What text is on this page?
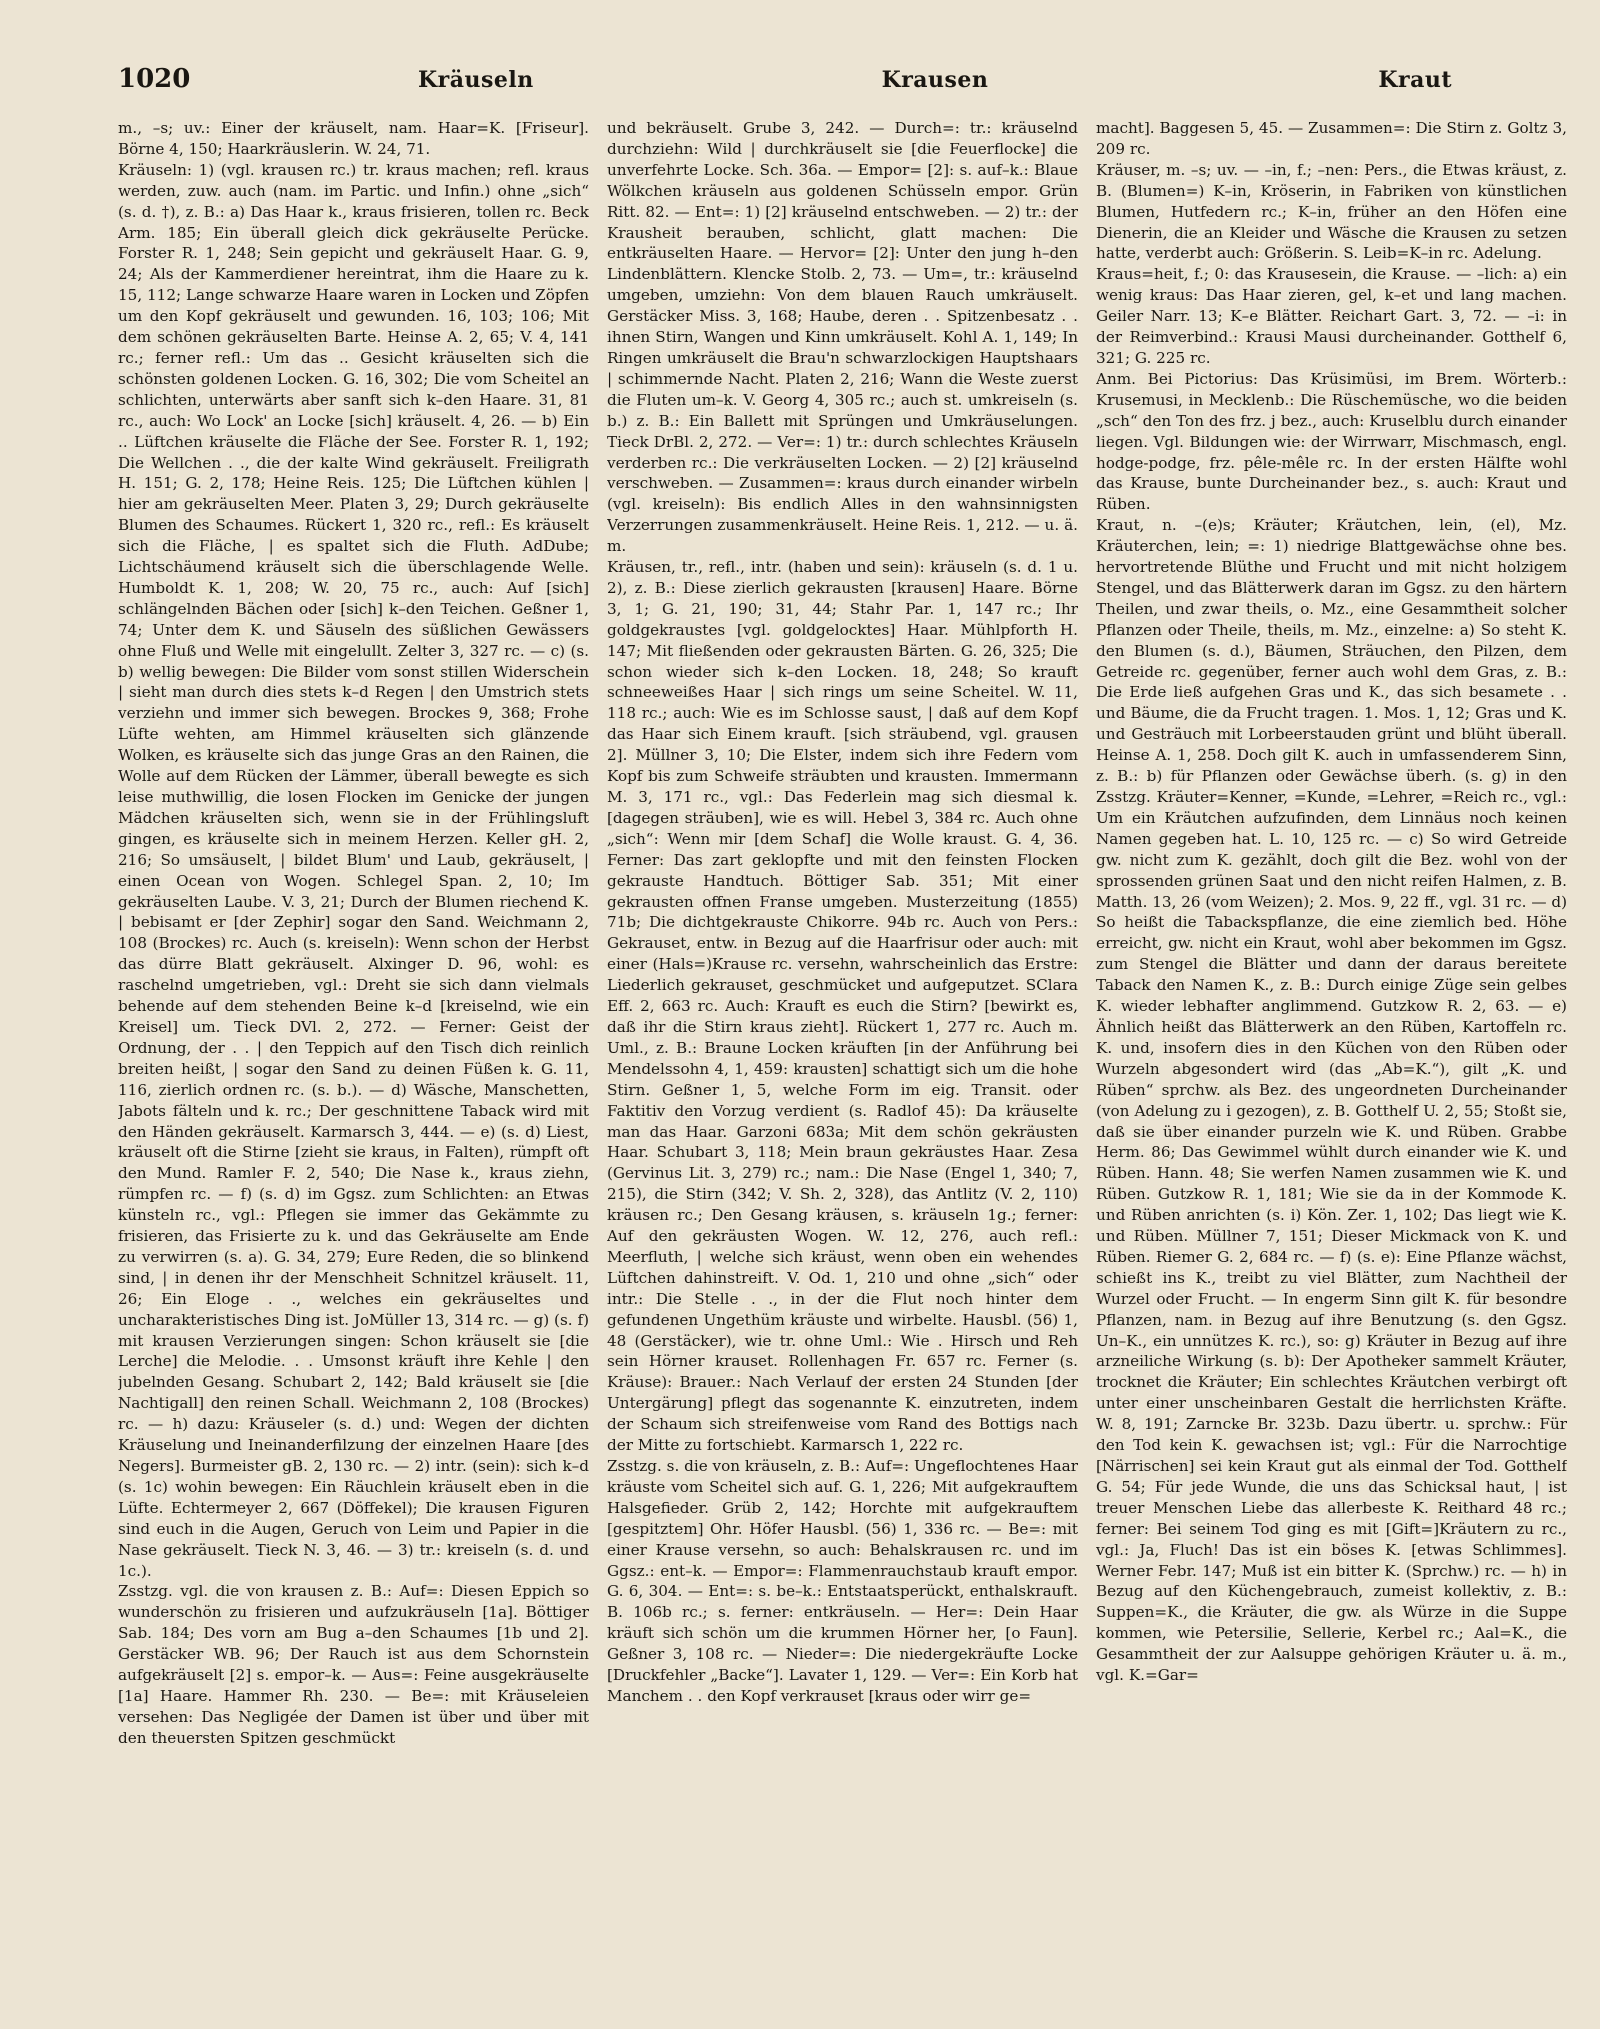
1020	Kräuseln	Krausen	Kraut

m., –s; uv.: Einer der kräuselt, nam. Haar=K. [Friseur]. Börne 4, 150; Haarkräuslerin. W. 24, 71.

Kräuseln: 1) (vgl. krausen rc.) tr. kraus machen; refl. kraus werden, zuw. auch (nam. im Partic. und Infin.) ohne „sich“ (s. d. †), z. B.: a) Das Haar k., kraus frisieren, tollen rc. Beck Arm. 185; Ein überall gleich dick gekräuselte Perücke. Forster R. 1, 248; Sein gepicht und gekräuselt Haar. G. 9, 24; Als der Kammerdiener hereintrat, ihm die Haare zu k. 15, 112; Lange schwarze Haare waren in Locken und Zöpfen um den Kopf gekräuselt und gewunden. 16, 103; 106; Mit dem schönen gekräuselten Barte. Heinse A. 2, 65; V. 4, 141 rc.; ferner refl.: Um das .. Gesicht kräuselten sich die schönsten goldenen Locken. G. 16, 302; Die vom Scheitel an schlichten, unterwärts aber sanft sich k–den Haare. 31, 81 rc., auch: Wo Lock' an Locke [sich] kräuselt. 4, 26. — b) Ein .. Lüftchen kräuselte die Fläche der See. Forster R. 1, 192; Die Wellchen . ., die der kalte Wind gekräuselt. Freiligrath H. 151; G. 2, 178; Heine Reis. 125; Die Lüftchen kühlen | hier am gekräuselten Meer. Platen 3, 29; Durch gekräuselte Blumen des Schaumes. Rückert 1, 320 rc., refl.: Es kräuselt sich die Fläche, | es spaltet sich die Fluth. AdDube; Lichtschäumend kräuselt sich die überschlagende Welle. Humboldt K. 1, 208; W. 20, 75 rc., auch: Auf [sich] schlängelnden Bächen oder [sich] k–den Teichen. Geßner 1, 74; Unter dem K. und Säuseln des süßlichen Gewässers ohne Fluß und Welle mit eingelullt. Zelter 3, 327 rc. — c) (s. b) wellig bewegen: Die Bilder vom sonst stillen Widerschein | sieht man durch dies stets k–d Regen | den Umstrich stets verziehn und immer sich bewegen. Brockes 9, 368; Frohe Lüfte wehten, am Himmel kräuselten sich glänzende Wolken, es kräuselte sich das junge Gras an den Rainen, die Wolle auf dem Rücken der Lämmer, überall bewegte es sich leise muthwillig, die losen Flocken im Genicke der jungen Mädchen kräuselten sich, wenn sie in der Frühlingsluft gingen, es kräuselte sich in meinem Herzen. Keller gH. 2, 216; So umsäuselt, | bildet Blum' und Laub, gekräuselt, | einen Ocean von Wogen. Schlegel Span. 2, 10; Im gekräuselten Laube. V. 3, 21; Durch der Blumen riechend K. | bebisamt er [der Zephir] sogar den Sand. Weichmann 2, 108 (Brockes) rc. Auch (s. kreiseln): Wenn schon der Herbst das dürre Blatt gekräuselt. Alxinger D. 96, wohl: es raschelnd umgetrieben, vgl.: Dreht sie sich dann vielmals behende auf dem stehenden Beine k–d [kreiselnd, wie ein Kreisel] um. Tieck DVl. 2, 272. — Ferner: Geist der Ordnung, der . . | den Teppich auf den Tisch dich reinlich breiten heißt, | sogar den Sand zu deinen Füßen k. G. 11, 116, zierlich ordnen rc. (s. b.). — d) Wäsche, Manschetten, Jabots fälteln und k. rc.; Der geschnittene Taback wird mit den Händen gekräuselt. Karmarsch 3, 444. — e) (s. d) Liest, kräuselt oft die Stirne [zieht sie kraus, in Falten), rümpft oft den Mund. Ramler F. 2, 540; Die Nase k., kraus ziehn, rümpfen rc. — f) (s. d) im Ggsz. zum Schlichten: an Etwas künsteln rc., vgl.: Pflegen sie immer das Gekämmte zu frisieren, das Frisierte zu k. und das Gekräuselte am Ende zu verwirren (s. a). G. 34, 279; Eure Reden, die so blinkend sind, | in denen ihr der Menschheit Schnitzel kräuselt. 11, 26; Ein Eloge . ., welches ein gekräuseltes und uncharakteristisches Ding ist. JoMüller 13, 314 rc. — g) (s. f) mit krausen Verzierungen singen: Schon kräuselt sie [die Lerche] die Melodie. . . Umsonst kräuft ihre Kehle | den jubelnden Gesang. Schubart 2, 142; Bald kräuselt sie [die Nachtigall] den reinen Schall. Weichmann 2, 108 (Brockes) rc. — h) dazu: Kräuseler (s. d.) und: Wegen der dichten Kräuselung und Ineinanderfilzung der einzelnen Haare [des Negers]. Burmeister gB. 2, 130 rc. — 2) intr. (sein): sich k–d (s. 1c) wohin bewegen: Ein Räuchlein kräuselt eben in die Lüfte. Echtermeyer 2, 667 (Döffekel); Die krausen Figuren sind euch in die Augen, Geruch von Leim und Papier in die Nase gekräuselt. Tieck N. 3, 46. — 3) tr.: kreiseln (s. d. und 1c.).

Zsstzg. vgl. die von krausen z. B.: Auf=: Diesen Eppich so wunderschön zu frisieren und aufzukräuseln [1a]. Böttiger Sab. 184; Des vorn am Bug a–den Schaumes [1b und 2]. Gerstäcker WB. 96; Der Rauch ist aus dem Schornstein aufgekräuselt [2] s. empor–k. — Aus=: Feine ausgekräuselte [1a] Haare. Hammer Rh. 230. — Be=: mit Kräuseleien versehen: Das Negligée der Damen ist über und über mit den theuersten Spitzen geschmückt

und bekräuselt. Grube 3, 242. — Durch=: tr.: kräuselnd durchziehn: Wild | durchkräuselt sie [die Feuerflocke] die unverfehrte Locke. Sch. 36a. — Empor= [2]: s. auf–k.: Blaue Wölkchen kräuseln aus goldenen Schüsseln empor. Grün Ritt. 82. — Ent=: 1) [2] kräuselnd entschweben. — 2) tr.: der Krausheit berauben, schlicht, glatt machen: Die entkräuselten Haare. — Hervor= [2]: Unter den jung h–den Lindenblättern. Klencke Stolb. 2, 73. — Um=, tr.: kräuselnd umgeben, umziehn: Von dem blauen Rauch umkräuselt. Gerstäcker Miss. 3, 168; Haube, deren . . Spitzenbesatz . . ihnen Stirn, Wangen und Kinn umkräuselt. Kohl A. 1, 149; In Ringen umkräuselt die Brau'n schwarzlockigen Hauptshaars | schimmernde Nacht. Platen 2, 216; Wann die Weste zuerst die Fluten um–k. V. Georg 4, 305 rc.; auch st. umkreiseln (s. b.) z. B.: Ein Ballett mit Sprüngen und Umkräuselungen. Tieck DrBl. 2, 272. — Ver=: 1) tr.: durch schlechtes Kräuseln verderben rc.: Die verkräuselten Locken. — 2) [2] kräuselnd verschweben. — Zusammen=: kraus durch einander wirbeln (vgl. kreiseln): Bis endlich Alles in den wahnsinnigsten Verzerrungen zusammenkräuselt. Heine Reis. 1, 212. — u. ä. m.

Kräusen, tr., refl., intr. (haben und sein): kräuseln (s. d. 1 u. 2), z. B.: Diese zierlich gekrausten [krausen] Haare. Börne 3, 1; G. 21, 190; 31, 44; Stahr Par. 1, 147 rc.; Ihr goldgekraustes [vgl. goldgelocktes] Haar. Mühlpforth H. 147; Mit fließenden oder gekrausten Bärten. G. 26, 325; Die schon wieder sich k–den Locken. 18, 248; So krauft schneeweißes Haar | sich rings um seine Scheitel. W. 11, 118 rc.; auch: Wie es im Schlosse saust, | daß auf dem Kopf das Haar sich Einem krauft. [sich sträubend, vgl. grausen 2]. Müllner 3, 10; Die Elster, indem sich ihre Federn vom Kopf bis zum Schweife sträubten und krausten. Immermann M. 3, 171 rc., vgl.: Das Federlein mag sich diesmal k. [dagegen sträuben], wie es will. Hebel 3, 384 rc. Auch ohne „sich“: Wenn mir [dem Schaf] die Wolle kraust. G. 4, 36. Ferner: Das zart geklopfte und mit den feinsten Flocken gekrauste Handtuch. Böttiger Sab. 351; Mit einer gekrausten offnen Franse umgeben. Musterzeitung (1855) 71b; Die dichtgekrauste Chikorre. 94b rc. Auch von Pers.: Gekrauset, entw. in Bezug auf die Haarfrisur oder auch: mit einer (Hals=)Krause rc. versehn, wahrscheinlich das Erstre: Liederlich gekrauset, geschmücket und aufgeputzet. SClara Eff. 2, 663 rc. Auch: Krauft es euch die Stirn? [bewirkt es, daß ihr die Stirn kraus zieht]. Rückert 1, 277 rc. Auch m. Uml., z. B.: Braune Locken kräuften [in der Anführung bei Mendelssohn 4, 1, 459: krausten] schattigt sich um die hohe Stirn. Geßner 1, 5, welche Form im eig. Transit. oder Faktitiv den Vorzug verdient (s. Radlof 45): Da kräuselte man das Haar. Garzoni 683a; Mit dem schön gekräusten Haar. Schubart 3, 118; Mein braun gekräustes Haar. Zesa (Gervinus Lit. 3, 279) rc.; nam.: Die Nase (Engel 1, 340; 7, 215), die Stirn (342; V. Sh. 2, 328), das Antlitz (V. 2, 110) kräusen rc.; Den Gesang kräusen, s. kräuseln 1g.; ferner: Auf den gekräusten Wogen. W. 12, 276, auch refl.: Meerfluth, | welche sich kräust, wenn oben ein wehendes Lüftchen dahinstreift. V. Od. 1, 210 und ohne „sich“ oder intr.: Die Stelle . ., in der die Flut noch hinter dem gefundenen Ungethüm kräuste und wirbelte. Hausbl. (56) 1, 48 (Gerstäcker), wie tr. ohne Uml.: Wie . Hirsch und Reh sein Hörner krauset. Rollenhagen Fr. 657 rc. Ferner (s. Kräuse): Brauer.: Nach Verlauf der ersten 24 Stunden [der Untergärung] pflegt das sogenannte K. einzutreten, indem der Schaum sich streifenweise vom Rand des Bottigs nach der Mitte zu fortschiebt. Karmarsch 1, 222 rc.

Zsstzg. s. die von kräuseln, z. B.: Auf=: Ungeflochtenes Haar kräuste vom Scheitel sich auf. G. 1, 226; Mit aufgekrauftem Halsgefieder. Grüb 2, 142; Horchte mit aufgekrauftem [gespitztem] Ohr. Höfer Hausbl. (56) 1, 336 rc. — Be=: mit einer Krause versehn, so auch: Behalskrausen rc. und im Ggsz.: ent–k. — Empor=: Flammenrauchstaub krauft empor. G. 6, 304. — Ent=: s. be–k.: Entstaatsperückt, enthalskrauft. B. 106b rc.; s. ferner: entkräuseln. — Her=: Dein Haar kräuft sich schön um die krummen Hörner her, [o Faun]. Geßner 3, 108 rc. — Nieder=: Die niedergekräufte Locke [Druckfehler „Backe“]. Lavater 1, 129. — Ver=: Ein Korb hat Manchem . . den Kopf verkrauset [kraus oder wirr ge=

macht]. Baggesen 5, 45. — Zusammen=: Die Stirn z. Goltz 3, 209 rc.

Kräuser, m. –s; uv. — –in, f.; –nen: Pers., die Etwas kräust, z. B. (Blumen=) K–in, Kröserin, in Fabriken von künstlichen Blumen, Hutfedern rc.; K–in, früher an den Höfen eine Dienerin, die an Kleider und Wäsche die Krausen zu setzen hatte, verderbt auch: Größerin. S. Leib=K–in rc. Adelung.

Kraus=heit, f.; 0: das Krausesein, die Krause. — –lich: a) ein wenig kraus: Das Haar zieren, gel, k–et und lang machen. Geiler Narr. 13; K–e Blätter. Reichart Gart. 3, 72. — –i: in der Reimverbind.: Krausi Mausi durcheinander. Gotthelf 6, 321; G. 225 rc.

Anm. Bei Pictorius: Das Krüsimüsi, im Brem. Wörterb.: Krusemusi, in Mecklenb.: Die Rüschemüsche, wo die beiden „sch“ den Ton des frz. j bez., auch: Kruselblu durch einander liegen. Vgl. Bildungen wie: der Wirrwarr, Mischmasch, engl. hodge-podge, frz. pêle-mêle rc. In der ersten Hälfte wohl das Krause, bunte Durcheinander bez., s. auch: Kraut und Rüben.

Kraut, n. –(e)s; Kräuter; Kräutchen, lein, (el), Mz. Kräuterchen, lein; =: 1) niedrige Blattgewächse ohne bes. hervortretende Blüthe und Frucht und mit nicht holzigem Stengel, und das Blätterwerk daran im Ggsz. zu den härtern Theilen, und zwar theils, o. Mz., eine Gesammtheit solcher Pflanzen oder Theile, theils, m. Mz., einzelne: a) So steht K. den Blumen (s. d.), Bäumen, Sträuchen, den Pilzen, dem Getreide rc. gegenüber, ferner auch wohl dem Gras, z. B.: Die Erde ließ aufgehen Gras und K., das sich besamete . . und Bäume, die da Frucht tragen. 1. Mos. 1, 12; Gras und K. und Gesträuch mit Lorbeerstauden grünt und blüht überall. Heinse A. 1, 258. Doch gilt K. auch in umfassenderem Sinn, z. B.: b) für Pflanzen oder Gewächse überh. (s. g) in den Zsstzg. Kräuter=Kenner, =Kunde, =Lehrer, =Reich rc., vgl.: Um ein Kräutchen aufzufinden, dem Linnäus noch keinen Namen gegeben hat. L. 10, 125 rc. — c) So wird Getreide gw. nicht zum K. gezählt, doch gilt die Bez. wohl von der sprossenden grünen Saat und den nicht reifen Halmen, z. B. Matth. 13, 26 (vom Weizen); 2. Mos. 9, 22 ff., vgl. 31 rc. — d) So heißt die Tabackspflanze, die eine ziemlich bed. Höhe erreicht, gw. nicht ein Kraut, wohl aber bekommen im Ggsz. zum Stengel die Blätter und dann der daraus bereitete Taback den Namen K., z. B.: Durch einige Züge sein gelbes K. wieder lebhafter anglimmend. Gutzkow R. 2, 63. — e) Ähnlich heißt das Blätterwerk an den Rüben, Kartoffeln rc. K. und, insofern dies in den Küchen von den Rüben oder Wurzeln abgesondert wird (das „Ab=K.“), gilt „K. und Rüben“ sprchw. als Bez. des ungeordneten Durcheinander (von Adelung zu i gezogen), z. B. Gotthelf U. 2, 55; Stoßt sie, daß sie über einander purzeln wie K. und Rüben. Grabbe Herm. 86; Das Gewimmel wühlt durch einander wie K. und Rüben. Hann. 48; Sie werfen Namen zusammen wie K. und Rüben. Gutzkow R. 1, 181; Wie sie da in der Kommode K. und Rüben anrichten (s. i) Kön. Zer. 1, 102; Das liegt wie K. und Rüben. Müllner 7, 151; Dieser Mickmack von K. und Rüben. Riemer G. 2, 684 rc. — f) (s. e): Eine Pflanze wächst, schießt ins K., treibt zu viel Blätter, zum Nachtheil der Wurzel oder Frucht. — In engerm Sinn gilt K. für besondre Pflanzen, nam. in Bezug auf ihre Benutzung (s. den Ggsz. Un–K., ein unnützes K. rc.), so: g) Kräuter in Bezug auf ihre arzneiliche Wirkung (s. b): Der Apotheker sammelt Kräuter, trocknet die Kräuter; Ein schlechtes Kräutchen verbirgt oft unter einer unscheinbaren Gestalt die herrlichsten Kräfte. W. 8, 191; Zarncke Br. 323b. Dazu übertr. u. sprchw.: Für den Tod kein K. gewachsen ist; vgl.: Für die Narrochtige [Närrischen] sei kein Kraut gut als einmal der Tod. Gotthelf G. 54; Für jede Wunde, die uns das Schicksal haut, | ist treuer Menschen Liebe das allerbeste K. Reithard 48 rc.; ferner: Bei seinem Tod ging es mit [Gift=]Kräutern zu rc., vgl.: Ja, Fluch! Das ist ein böses K. [etwas Schlimmes]. Werner Febr. 147; Muß ist ein bitter K. (Sprchw.) rc. — h) in Bezug auf den Küchengebrauch, zumeist kollektiv, z. B.: Suppen=K., die Kräuter, die gw. als Würze in die Suppe kommen, wie Petersilie, Sellerie, Kerbel rc.; Aal=K., die Gesammtheit der zur Aalsuppe gehörigen Kräuter u. ä. m., vgl. K.=Gar=
